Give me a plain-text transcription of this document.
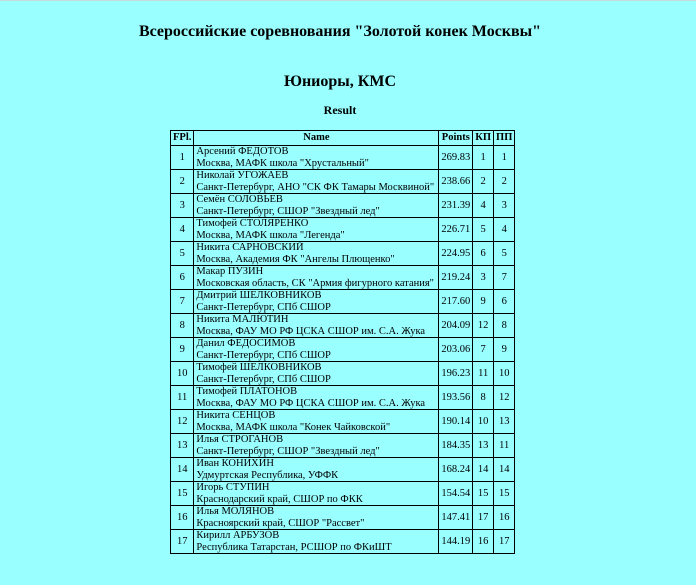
Всероссийские соревнования "Золотой конек Москвы"
Юниоры, КМС
Result
FPl.	Name	Points	КП	ПП
1	Арсений ФЕДОТОВ
Москва, МАФК школа "Хрустальный"	269.83	1	1
2	Николай УГОЖАЕВ
Санкт-Петербург, АНО "СК ФК Тамары Москвиной"	238.66	2	2
3	Семён СОЛОВЬЕВ
Санкт-Петербург, СШОР "Звездный лед"	231.39	4	3
4	Тимофей СТОЛЯРЕНКО
Москва, МАФК школа "Легенда"	226.71	5	4
5	Никита САРНОВСКИЙ
Москва, Академия ФК "Ангелы Плющенко"	224.95	6	5
6	Макар ПУЗИН
Московская область, СК "Армия фигурного катания"	219.24	3	7
7	Дмитрий ШЕЛКОВНИКОВ
Санкт-Петербург, СПб СШОР	217.60	9	6
8	Никита МАЛЮТИН
Москва, ФАУ МО РФ ЦСКА СШОР им. С.А. Жука	204.09	12	8
9	Данил ФЕДОСИМОВ
Санкт-Петербург, СПб СШОР	203.06	7	9
10	Тимофей ШЕЛКОВНИКОВ
Санкт-Петербург, СПб СШОР	196.23	11	10
11	Тимофей ПЛАТОНОВ
Москва, ФАУ МО РФ ЦСКА СШОР им. С.А. Жука	193.56	8	12
12	Никита СЕНЦОВ
Москва, МАФК школа "Конек Чайковской"	190.14	10	13
13	Илья СТРОГАНОВ
Санкт-Петербург, СШОР "Звездный лед"	184.35	13	11
14	Иван КОНИХИН
Удмуртская Республика, УФФК	168.24	14	14
15	Игорь СТУПИН
Краснодарский край, СШОР по ФКК	154.54	15	15
16	Илья МОЛЯНОВ
Красноярский край, СШОР "Рассвет"	147.41	17	16
17	Кирилл АРБУЗОВ
Республика Татарстан, РСШОР по ФКиШТ	144.19	16	17
